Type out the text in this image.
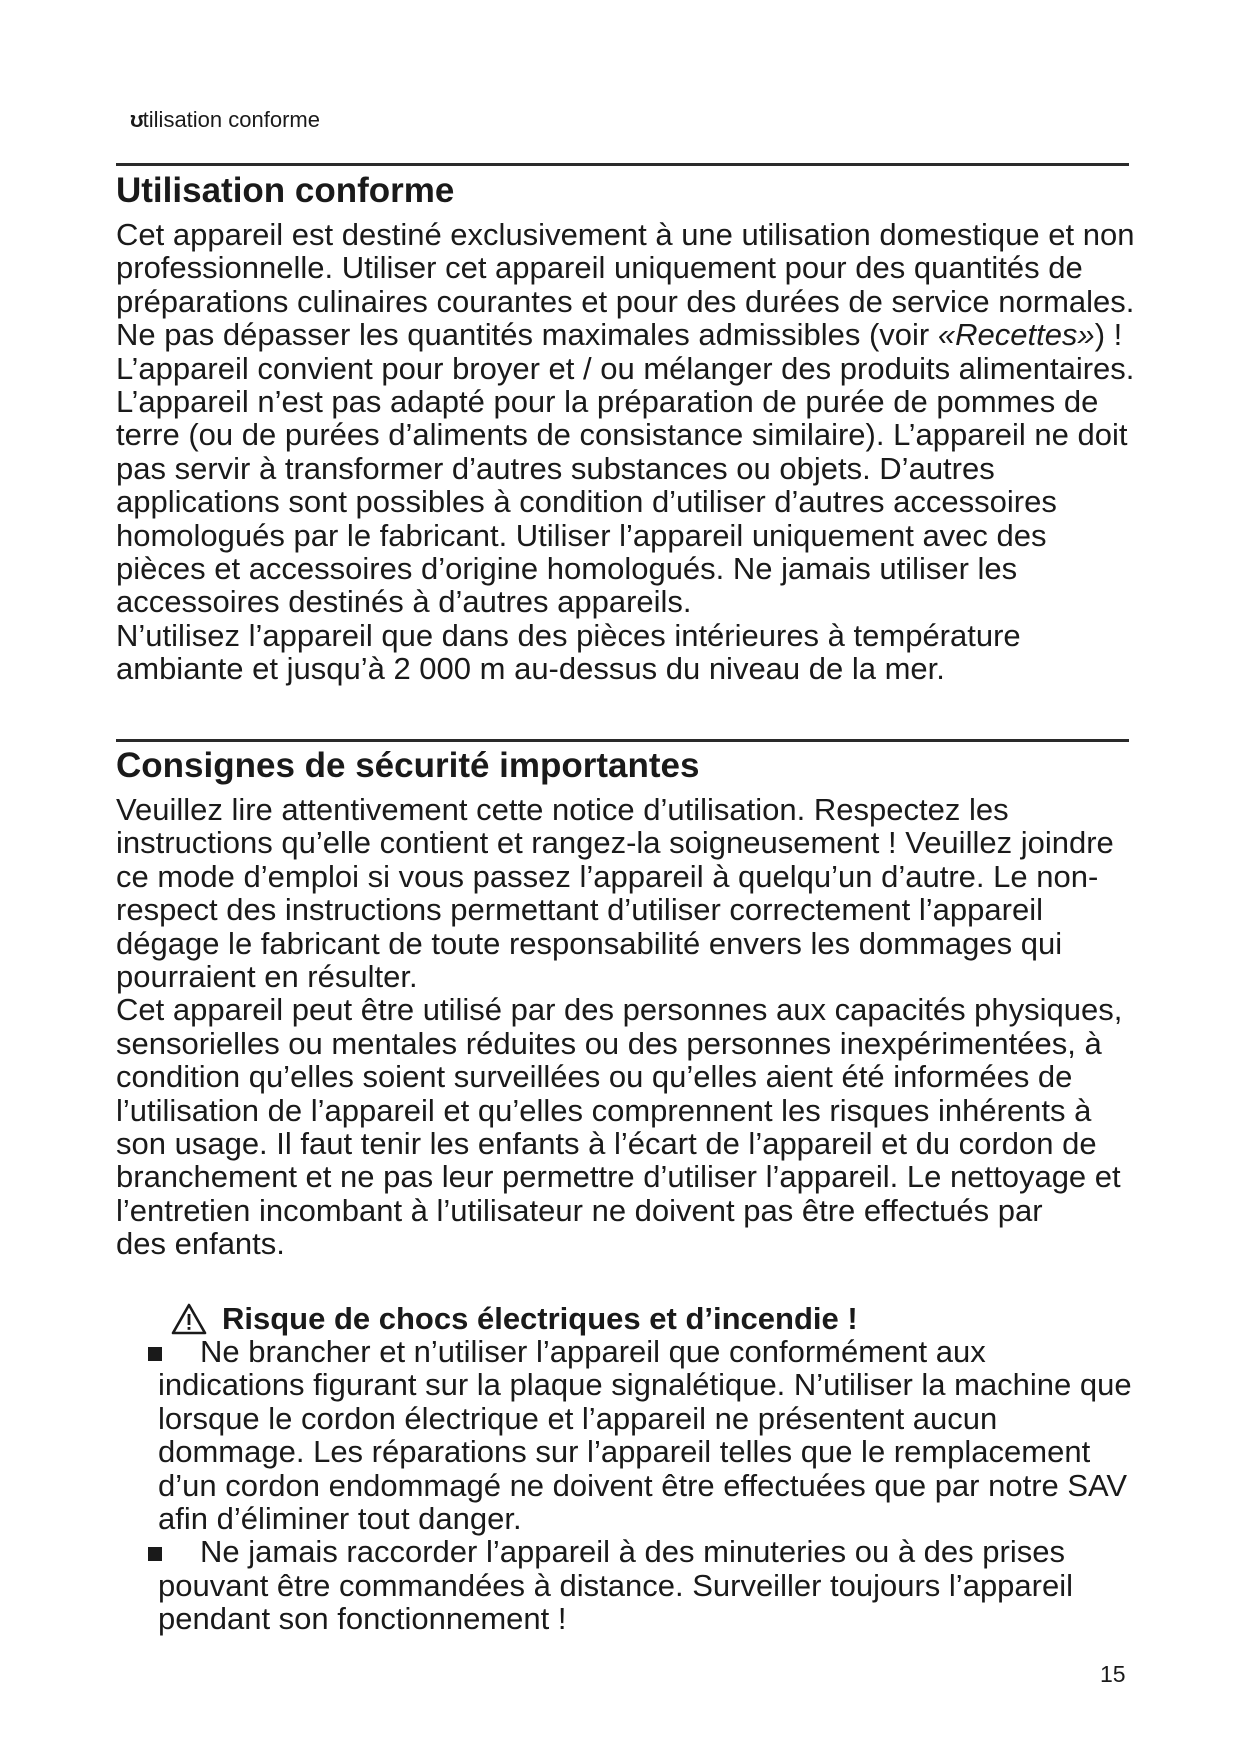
ʊtilisation conforme
Utilisation conforme

Cet appareil est destiné exclusivement à une utilisation domestique et non professionnelle. Utiliser cet appareil uniquement pour des quantités de préparations culinaires courantes et pour des durées de service normales. Ne pas dépasser les quantités maximales admissibles (voir «Recettes») ! L’appareil convient pour broyer et / ou mélanger des produits alimentaires. L’appareil n’est pas adapté pour la préparation de purée de pommes de terre (ou de purées d’aliments de consistance similaire). L’appareil ne doit pas servir à transformer d’autres substances ou objets. D’autres applications sont possibles à condition d’utiliser d’autres accessoires homologués par le fabricant. Utiliser l’appareil uniquement avec des pièces et accessoires d’origine homologués. Ne jamais utiliser les accessoires destinés à d’autres appareils.

N’utilisez l’appareil que dans des pièces intérieures à température ambiante et jusqu’à 2 000 m au-dessus du niveau de la mer.

Consignes de sécurité importantes

Veuillez lire attentivement cette notice d’utilisation. Respectez les instructions qu’elle contient et rangez-la soigneusement ! Veuillez joindre ce mode d’emploi si vous passez l’appareil à quelqu’un d’autre. Le non-respect des instructions permettant d’utiliser correctement l’appareil dégage le fabricant de toute responsabilité envers les dommages qui pourraient en résulter.

Cet appareil peut être utilisé par des personnes aux capacités physiques, sensorielles ou mentales réduites ou des personnes inexpérimentées, à condition qu’elles soient surveillées ou qu’elles aient été informées de l’utilisation de l’appareil et qu’elles comprennent les risques inhérents à son usage. Il faut tenir les enfants à l’écart de l’appareil et du cordon de branchement et ne pas leur permettre d’utiliser l’appareil. Le nettoyage et l’entretien incombant à l’utilisateur ne doivent pas être effectués par
des enfants.

Risque de chocs électriques et d’incendie !
Ne brancher et n’utiliser l’appareil que conformément aux
indications figurant sur la plaque signalétique. N’utiliser la machine que lorsque le cordon électrique et l’appareil ne présentent aucun dommage. Les réparations sur l’appareil telles que le remplacement d’un cordon endommagé ne doivent être effectuées que par notre SAV afin d’éliminer tout danger.
Ne jamais raccorder l’appareil à des minuteries ou à des prises
pouvant être commandées à distance. Surveiller toujours l’appareil pendant son fonctionnement !
15
